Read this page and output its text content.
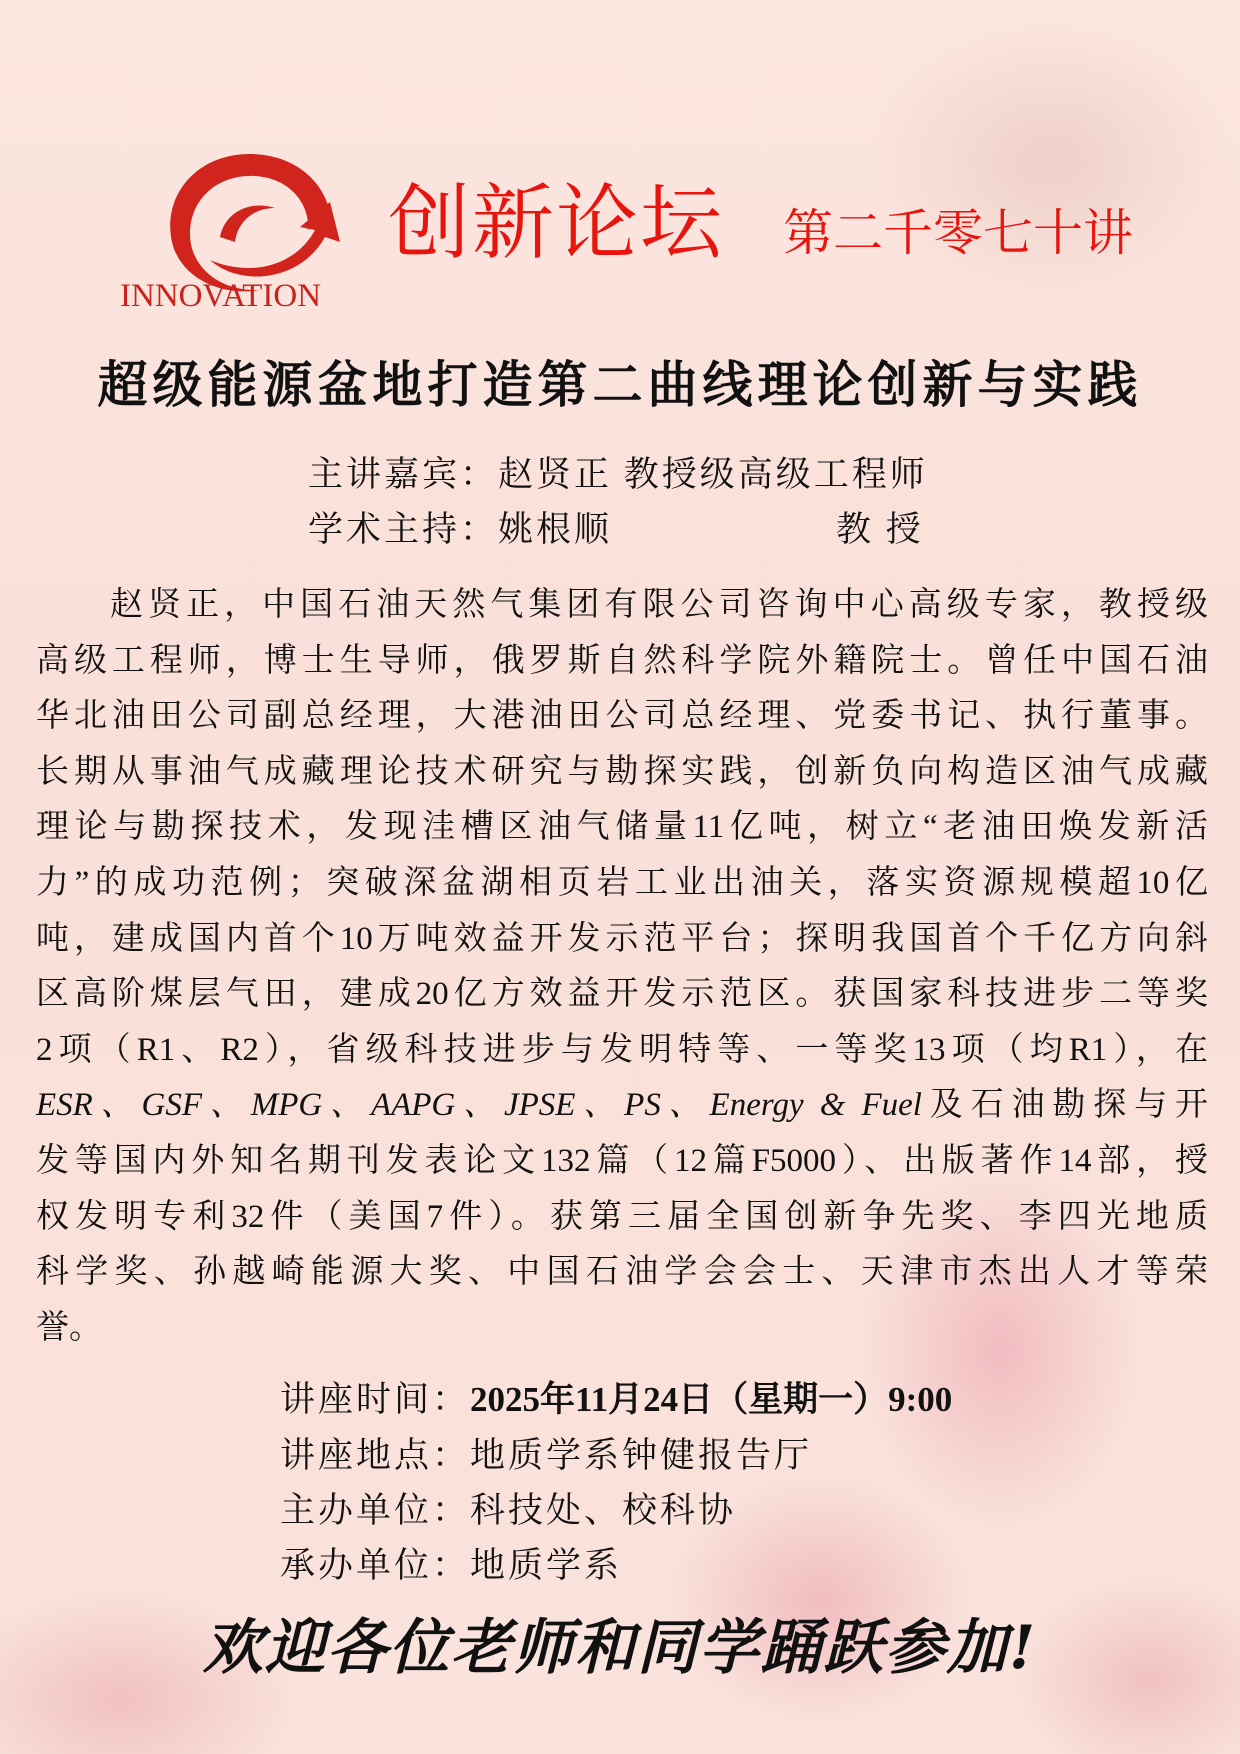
INNOVATION
创新论坛 第二千零七十讲
超级能源盆地打造第二曲线理论创新与实践
主讲嘉宾：赵贤正 教授级高级工程师
学术主持：姚根顺	教 授
赵贤正，中国石油天然气集团有限公司咨询中心高级专家，教授级
高级工程师，博士生导师，俄罗斯自然科学院外籍院士。曾任中国石油
华北油田公司副总经理，大港油田公司总经理、党委书记、执行董事。
长期从事油气成藏理论技术研究与勘探实践，创新负向构造区油气成藏
理论与勘探技术，发现洼槽区油气储量11亿吨，树立“老油田焕发新活
力”的成功范例；突破深盆湖相页岩工业出油关，落实资源规模超10亿
吨，建成国内首个10万吨效益开发示范平台；探明我国首个千亿方向斜
区高阶煤层气田，建成20亿方效益开发示范区。获国家科技进步二等奖
2项（R1、R2），省级科技进步与发明特等、一等奖13项（均R1），在
ESR、GSF、MPG、AAPG、JPSE、PS、Energy & Fuel及石油勘探与开
发等国内外知名期刊发表论文132篇（12篇F5000）、出版著作14部，授
权发明专利32件（美国7件）。获第三届全国创新争先奖、李四光地质
科学奖、孙越崎能源大奖、中国石油学会会士、天津市杰出人才等荣
誉。
讲座时间：2025年11月24日（星期一）9:00
讲座地点：地质学系钟健报告厅
主办单位：科技处、校科协
承办单位：地质学系
欢迎各位老师和同学踊跃参加!
